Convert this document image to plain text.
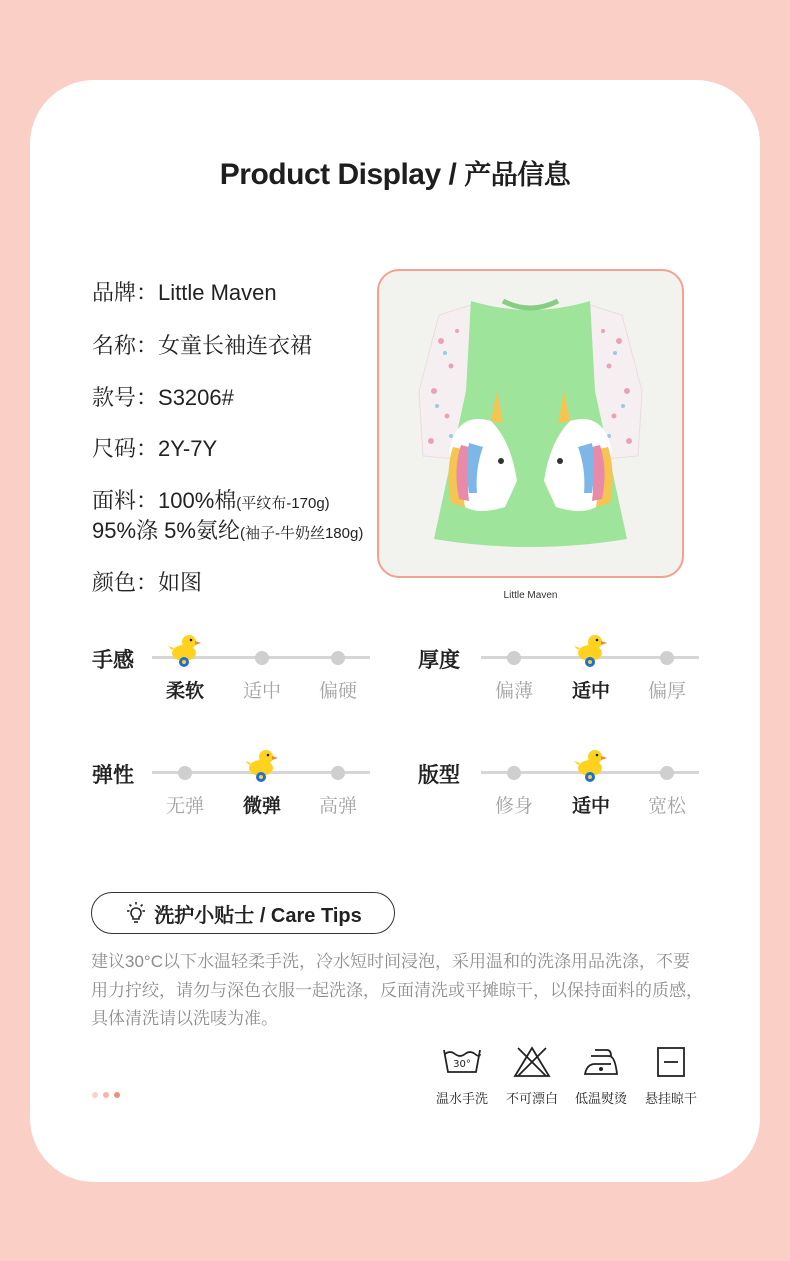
Product Display / 产品信息
品牌：Little Maven
名称：女童长袖连衣裙
款号：S3206#
尺码：2Y-7Y
面料：100%棉(平纹布-170g)
95%涤 5%氨纶(袖子-牛奶丝180g)
颜色：如图
Little Maven
手感
柔软	适中	偏硬
厚度
偏薄	适中	偏厚
弹性
无弹	微弹	高弹
版型
修身	适中	宽松
洗护小贴士 / Care Tips

建议30°C以下水温轻柔手洗，冷水短时间浸泡，采用温和的洗涤用品洗涤，不要用力拧绞，请勿与深色衣服一起洗涤，反面清洗或平摊晾干，以保持面料的质感，具体清洗请以洗唛为准。

30°
温水手洗	不可漂白	低温熨烫	悬挂晾干
